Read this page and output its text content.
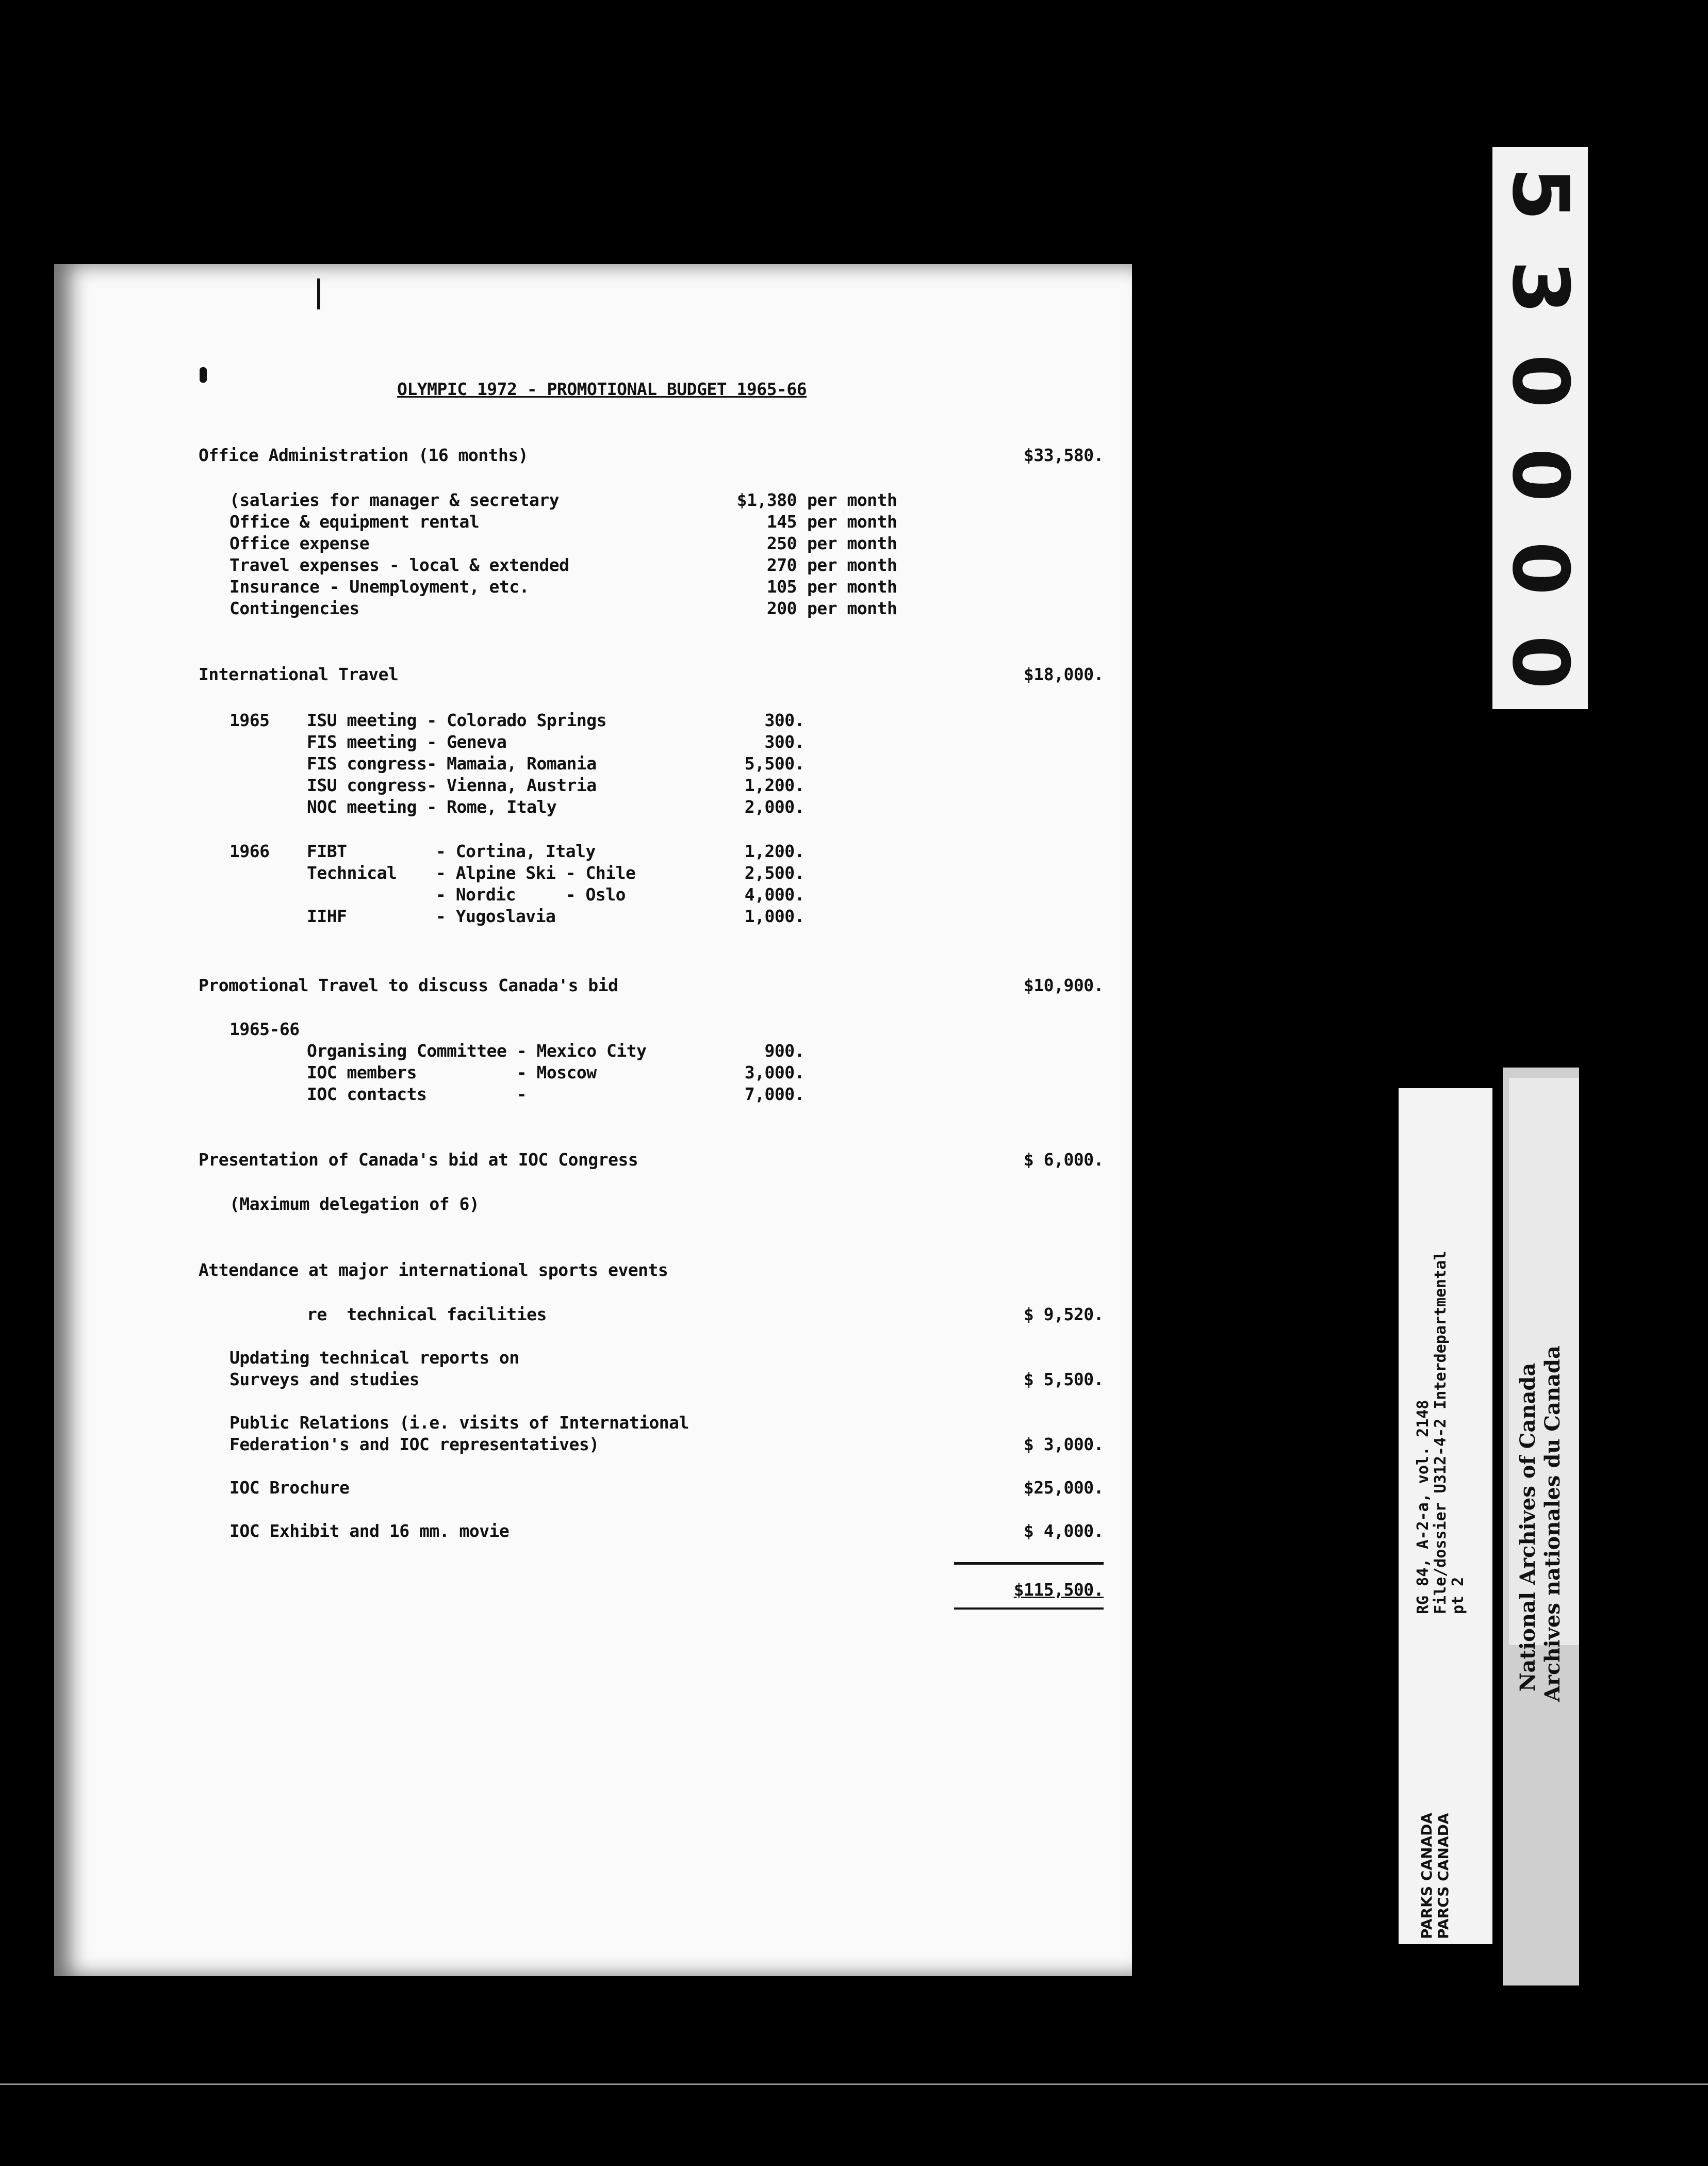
OLYMPIC 1972 - PROMOTIONAL BUDGET 1965-66
Office Administration (16 months)	$33,580.
(salaries for manager & secretary	$1,380 per month
Office & equipment rental	145 per month
Office expense	250 per month
Travel expenses - local & extended	270 per month
Insurance - Unemployment, etc.	105 per month
Contingencies	200 per month
International Travel	$18,000.
1965 ISU meeting - Colorado Springs	300.
FIS meeting - Geneva	300.
FIS congress- Mamaia, Romania	5,500.
ISU congress- Vienna, Austria	1,200.
NOC meeting - Rome, Italy	2,000.
1966 FIBT	- Cortina, Italy	1,200.
Technical - Alpine Ski - Chile	2,500.
- Nordic     - Oslo	4,000.
IIHF	- Yugoslavia	1,000.
Promotional Travel to discuss Canada's bid	$10,900.
1965-66
Organising Committee - Mexico City	900.
IOC members          - Moscow	3,000.
IOC contacts         -	7,000.
Presentation of Canada's bid at IOC Congress	$ 6,000.
(Maximum delegation of 6)
Attendance at major international sports events
re  technical facilities	$ 9,520.
Updating technical reports on
Surveys and studies	$ 5,500.
Public Relations (i.e. visits of International
Federation's and IOC representatives)	$ 3,000.
IOC Brochure	$25,000.
IOC Exhibit and 16 mm. movie	$ 4,000.
$115,500.
5
3
0
0
0
0
RG 84, A-2-a, vol. 2148 File/dossier U312-4-2 Interdepartmental pt 2
PARKS CANADA PARCS CANADA
National Archives of Canada Archives nationales du Canada
